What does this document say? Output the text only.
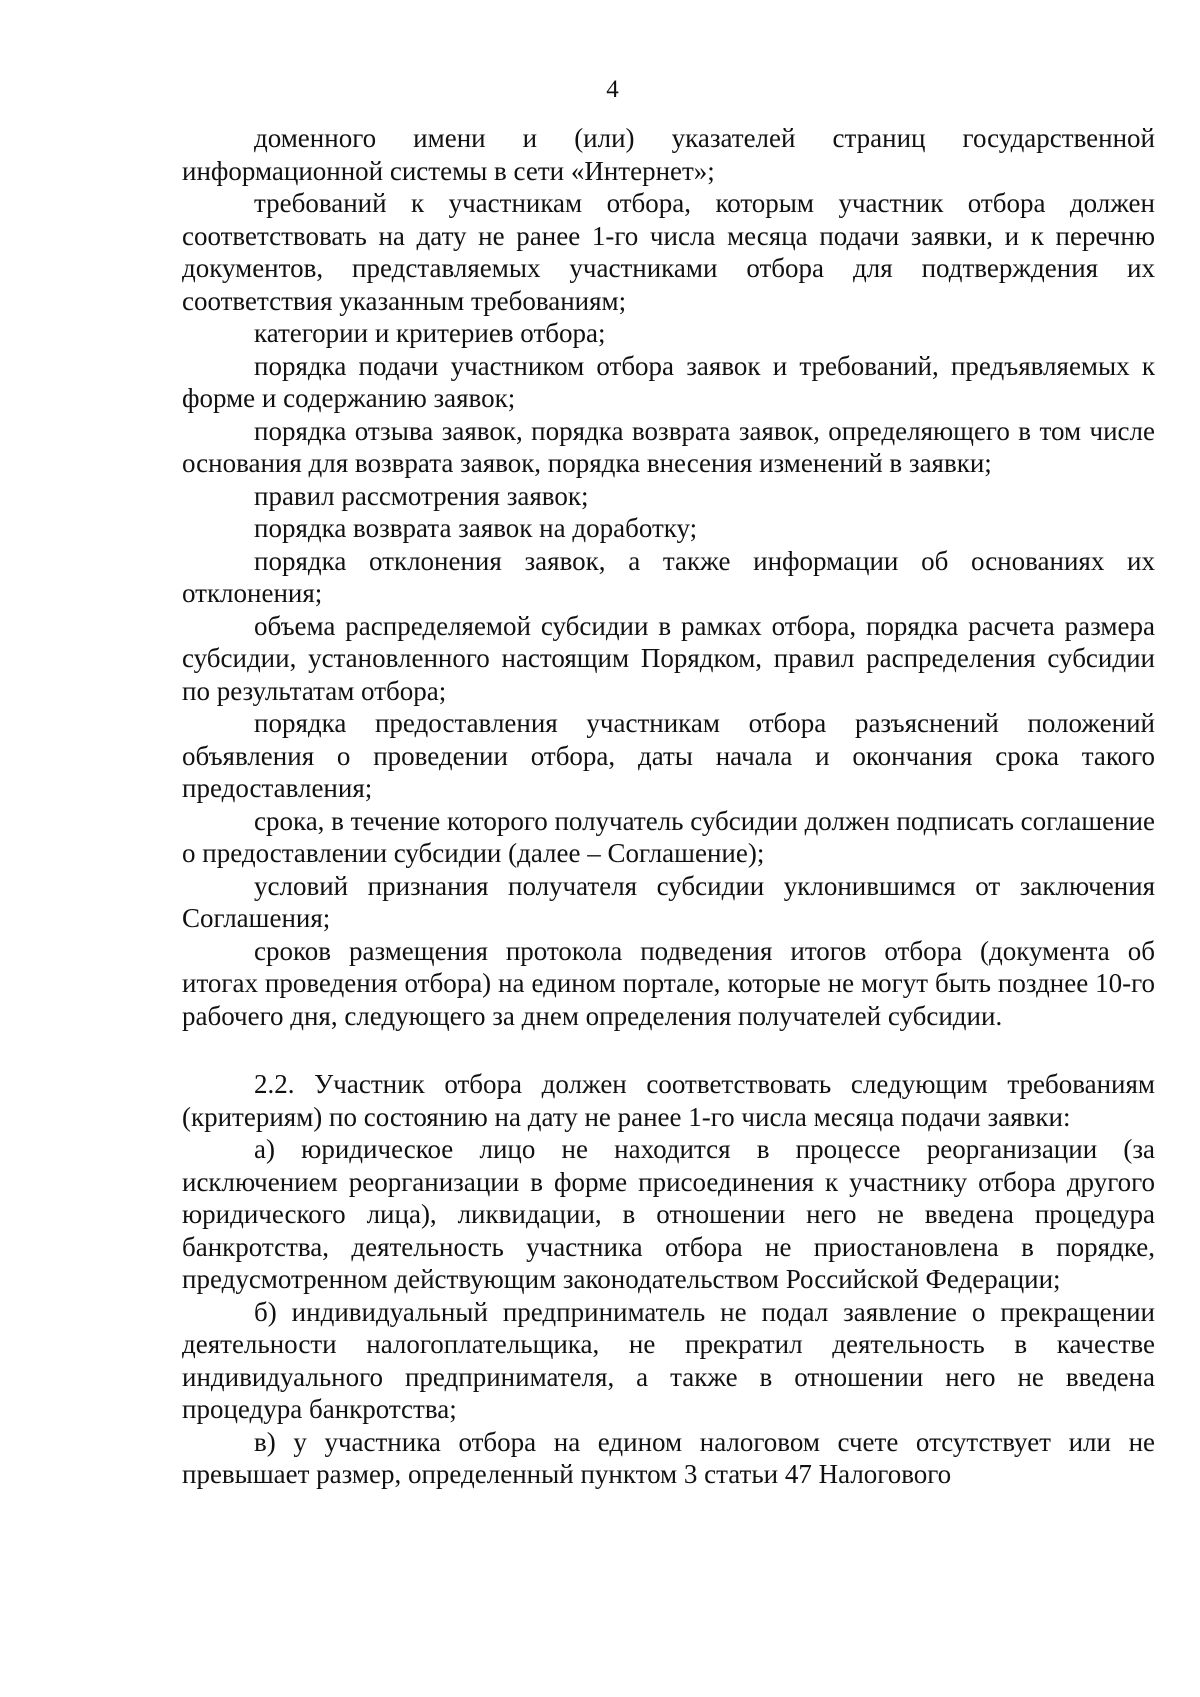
4

доменного имени и (или) указателей страниц государственной информационной системы в сети «Интернет»;

требований к участникам отбора, которым участник отбора должен соответствовать на дату не ранее 1-го числа месяца подачи заявки, и к перечню документов, представляемых участниками отбора для подтверждения их соответствия указанным требованиям;

категории и критериев отбора;

порядка подачи участником отбора заявок и требований, предъявляемых к форме и содержанию заявок;

порядка отзыва заявок, порядка возврата заявок, определяющего в том числе основания для возврата заявок, порядка внесения изменений в заявки;

правил рассмотрения заявок;

порядка возврата заявок на доработку;

порядка отклонения заявок, а также информации об основаниях их отклонения;

объема распределяемой субсидии в рамках отбора, порядка расчета размера субсидии, установленного настоящим Порядком, правил распределения субсидии по результатам отбора;

порядка предоставления участникам отбора разъяснений положений объявления о проведении отбора, даты начала и окончания срока такого предоставления;

срока, в течение которого получатель субсидии должен подписать соглашение о предоставлении субсидии (далее – Соглашение);

условий признания получателя субсидии уклонившимся от заключения Соглашения;

сроков размещения протокола подведения итогов отбора (документа об итогах проведения отбора) на едином портале, которые не могут быть позднее 10-го рабочего дня, следующего за днем определения получателей субсидии.

2.2. Участник отбора должен соответствовать следующим требованиям (критериям) по состоянию на дату не ранее 1-го числа месяца подачи заявки:

а) юридическое лицо не находится в процессе реорганизации (за исключением реорганизации в форме присоединения к участнику отбора другого юридического лица), ликвидации, в отношении него не введена процедура банкротства, деятельность участника отбора не приостановлена в порядке, предусмотренном действующим законодательством Российской Федерации;

б) индивидуальный предприниматель не подал заявление о прекращении деятельности налогоплательщика, не прекратил деятельность в качестве индивидуального предпринимателя, а также в отношении него не введена процедура банкротства;

в) у участника отбора на едином налоговом счете отсутствует или не превышает размер, определенный пунктом 3 статьи 47 Налогового
